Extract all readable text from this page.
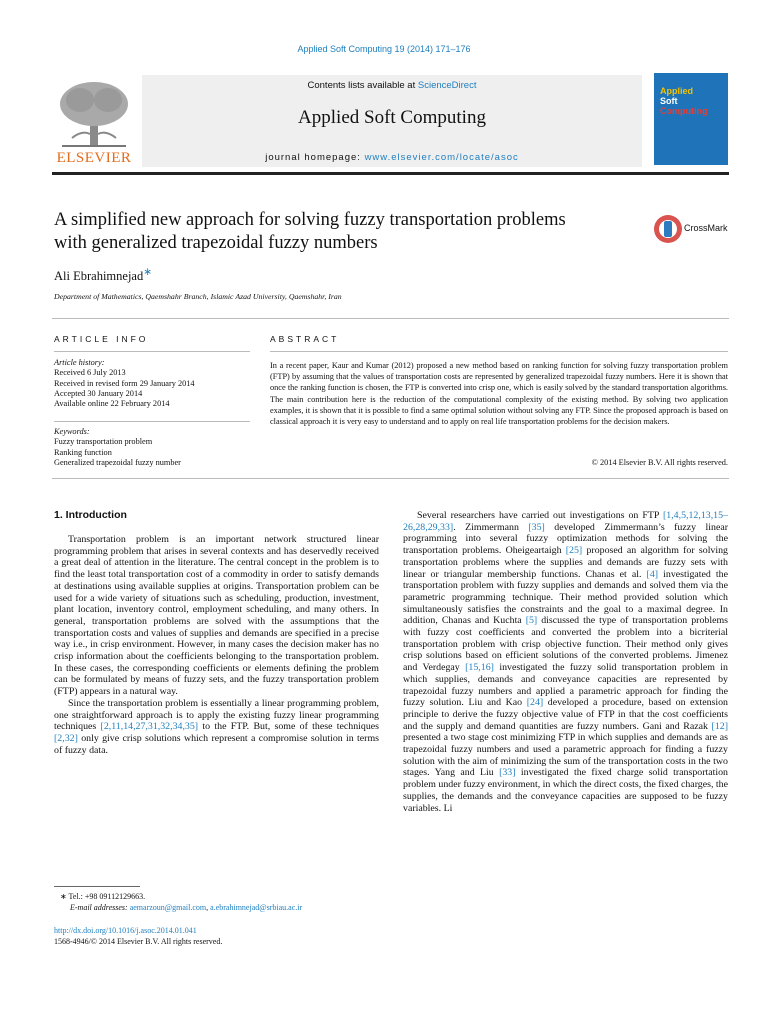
Applied Soft Computing 19 (2014) 171–176
ELSEVIER
Contents lists available at ScienceDirect
Applied Soft Computing
journal homepage: www.elsevier.com/locate/asoc
Applied
Soft
Computing
A simplified new approach for solving fuzzy transportation problems
with generalized trapezoidal fuzzy numbers
CrossMark
Ali Ebrahimnejad∗
Department of Mathematics, Qaemshahr Branch, Islamic Azad University, Qaemshahr, Iran
ARTICLE INFO
Article history:
Received 6 July 2013
Received in revised form 29 January 2014
Accepted 30 January 2014
Available online 22 February 2014
Keywords:
Fuzzy transportation problem
Ranking function
Generalized trapezoidal fuzzy number
ABSTRACT
In a recent paper, Kaur and Kumar (2012) proposed a new method based on ranking function for solving fuzzy transportation problem (FTP) by assuming that the values of transportation costs are represented by generalized trapezoidal fuzzy numbers. Here it is shown that once the ranking function is chosen, the FTP is converted into crisp one, which is easily solved by the standard transportation algorithms. The main contribution here is the reduction of the computational complexity of the existing method. By solving two application examples, it is shown that it is possible to find a same optimal solution without solving any FTP. Since the proposed approach is based on classical approach it is very easy to understand and to apply on real life transportation problems for the decision makers.
© 2014 Elsevier B.V. All rights reserved.
1. Introduction

Transportation problem is an important network structured linear programming problem that arises in several contexts and has deservedly received a great deal of attention in the literature. The central concept in the problem is to find the least total transportation cost of a commodity in order to satisfy demands at destinations using available supplies at origins. Transportation problem can be used for a wide variety of situations such as scheduling, production, investment, plant location, inventory control, employment scheduling, and many others. In general, transportation problems are solved with the assumptions that the transportation costs and values of supplies and demands are specified in a precise way i.e., in crisp environment. However, in many cases the decision maker has no crisp information about the coefficients belonging to the transportation problem. In these cases, the corresponding coefficients or elements defining the problem can be formulated by means of fuzzy sets, and the fuzzy transportation problem (FTP) appears in a natural way.

Since the transportation problem is essentially a linear programming problem, one straightforward approach is to apply the existing fuzzy linear programming techniques [2,11,14,27,31,32,34,35] to the FTP. But, some of these techniques [2,32] only give crisp solutions which represent a compromise solution in terms of fuzzy data.

Several researchers have carried out investigations on FTP [1,4,5,12,13,15–26,28,29,33]. Zimmermann [35] developed Zimmermann’s fuzzy linear programming into several fuzzy optimization methods for solving the transportation problems. Oheigeartaigh [25] proposed an algorithm for solving transportation problems where the supplies and demands are fuzzy sets with linear or triangular membership functions. Chanas et al. [4] investigated the transportation problem with fuzzy supplies and demands and solved them via the parametric programming technique. Their method provided solution which simultaneously satisfies the constraints and the goal to a maximal degree. In addition, Chanas and Kuchta [5] discussed the type of transportation problems with fuzzy cost coefficients and converted the problem into a bicriterial transportation problem with crisp objective function. Their method only gives crisp solutions based on efficient solutions of the converted problems. Jimenez and Verdegay [15,16] investigated the fuzzy solid transportation problem in which supplies, demands and conveyance capacities are represented by trapezoidal fuzzy numbers and applied a parametric approach for finding the fuzzy solution. Liu and Kao [24] developed a procedure, based on extension principle to derive the fuzzy objective value of FTP in that the cost coefficients and the supply and demand quantities are fuzzy numbers. Gani and Razak [12] presented a two stage cost minimizing FTP in which supplies and demands are as trapezoidal fuzzy numbers and used a parametric approach for finding a fuzzy solution with the aim of minimizing the sum of the transportation costs in the two stages. Yang and Liu [33] investigated the fixed charge solid transportation problem under fuzzy environment, in which the direct costs, the fixed charges, the supplies, the demands and the conveyance capacities are supposed to be fuzzy variables. Li

∗ Tel.: +98 09112129663.
E-mail addresses: aemarzoun@gmail.com, a.ebrahimnejad@srbiau.ac.ir
http://dx.doi.org/10.1016/j.asoc.2014.01.041
1568-4946/© 2014 Elsevier B.V. All rights reserved.
